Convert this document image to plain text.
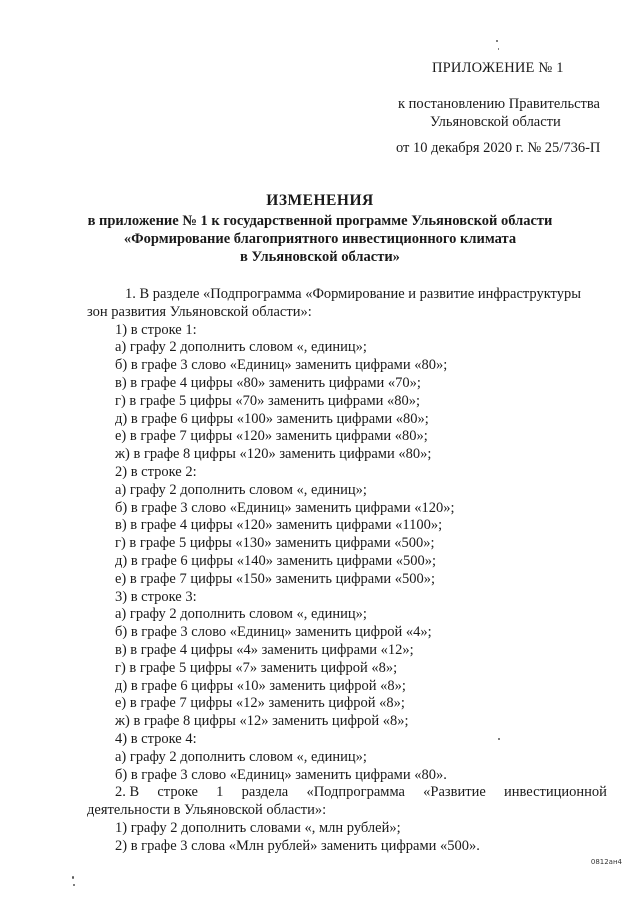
ПРИЛОЖЕНИЕ № 1
к постановлению Правительства
Ульяновской области
от 10 декабря 2020 г. № 25/736-П
ИЗМЕНЕНИЯ
в приложение № 1 к государственной программе Ульяновской области
«Формирование благоприятного инвестиционного климата
в Ульяновской области»
1. В разделе «Подпрограмма «Формирование и развитие инфраструктуры
зон развития Ульяновской области»:
1) в строке 1:
а) графу 2 дополнить словом «, единиц»;
б) в графе 3 слово «Единиц» заменить цифрами «80»;
в) в графе 4 цифры «80» заменить цифрами «70»;
г) в графе 5 цифры «70» заменить цифрами «80»;
д) в графе 6 цифры «100» заменить цифрами «80»;
е) в графе 7 цифры «120» заменить цифрами «80»;
ж) в графе 8 цифры «120» заменить цифрами «80»;
2) в строке 2:
а) графу 2 дополнить словом «, единиц»;
б) в графе 3 слово «Единиц» заменить цифрами «120»;
в) в графе 4 цифры «120» заменить цифрами «1100»;
г) в графе 5 цифры «130» заменить цифрами «500»;
д) в графе 6 цифры «140» заменить цифрами «500»;
е) в графе 7 цифры «150» заменить цифрами «500»;
3) в строке 3:
а) графу 2 дополнить словом «, единиц»;
б) в графе 3 слово «Единиц» заменить цифрой «4»;
в) в графе 4 цифры «4» заменить цифрами «12»;
г) в графе 5 цифры «7» заменить цифрой «8»;
д) в графе 6 цифры «10» заменить цифрой «8»;
е) в графе 7 цифры «12» заменить цифрой «8»;
ж) в графе 8 цифры «12» заменить цифрой «8»;
4) в строке 4:
а) графу 2 дополнить словом «, единиц»;
б) в графе 3 слово «Единиц» заменить цифрами «80».
2. В строке 1 раздела «Подпрограмма «Развитие инвестиционной
деятельности в Ульяновской области»:
1) графу 2 дополнить словами «, млн рублей»;
2) в графе 3 слова «Млн рублей» заменить цифрами «500».
0812ан4
